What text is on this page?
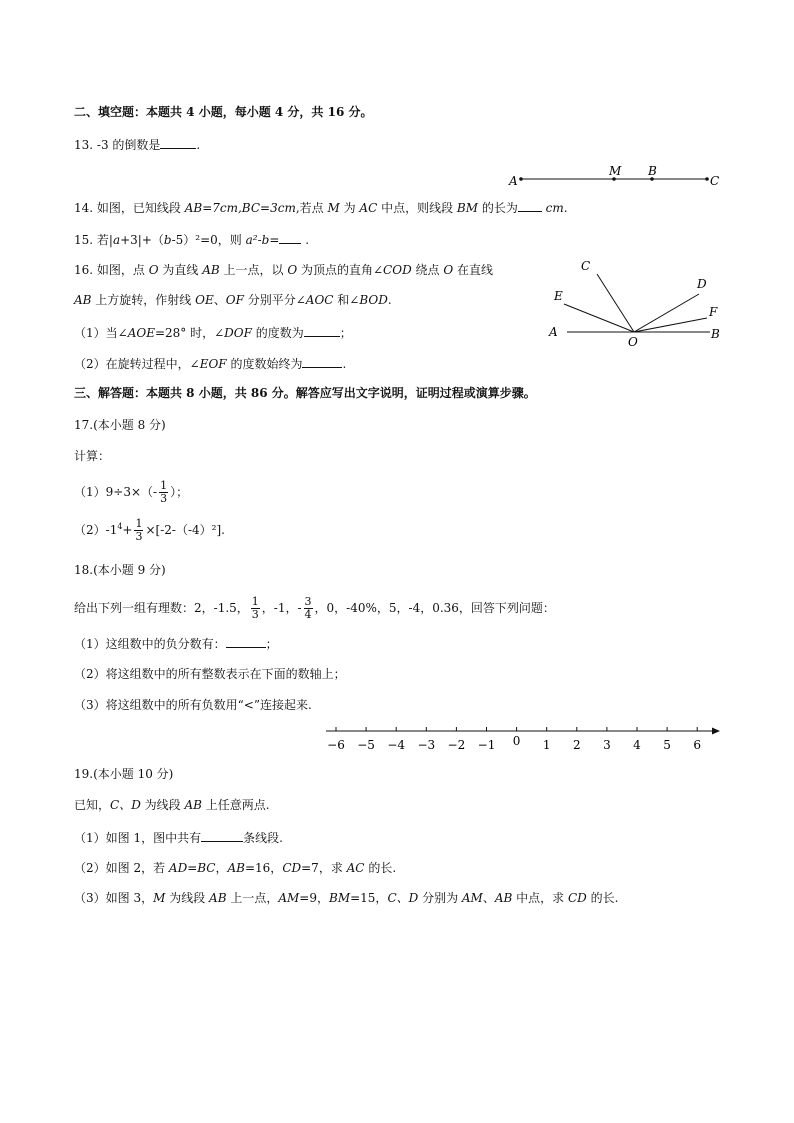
二、填空题：本题共 4 小题，每小题 4 分，共 16 分。
13. -3 的倒数是	.
A
M B
C
14. 如图，已知线段 AB=7cm,BC=3cm,若点 M 为 AC 中点，则线段 BM 的长为 cm.
15. 若|a+3|+（b-5）²=0，则 a²-b= .
16. 如图，点 O 为直线 AB 上一点，以 O 为顶点的直角∠COD 绕点 O 在直线
AB 上方旋转，作射线 OE、OF 分别平分∠AOC 和∠BOD.
（1）当∠AOE=28° 时，∠DOF 的度数为	；
（2）在旋转过程中，∠EOF 的度数始终为	.
C
D
E
F
A
O
B
三、解答题：本题共 8 小题，共 86 分。解答应写出文字说明，证明过程或演算步骤。
17.(本小题 8 分)
计算：
$(1)9\div 3\times(- \frac{1}{3}$ ）；
$(2)-1^4+ \frac{1}{3} \times[-2-(-4)^2]$.
18.(本小题 9 分)
给出下列一组有理数：2，-1.5， $\frac{1}{3}$ ，-1，- $\frac{3}{4}$ ，0，-40%，5，-4，0.36，回答下列问题：
（1）这组数中的负分数有：	；
（2）将这组数中的所有整数表示在下面的数轴上；
（3）将这组数中的所有负数用“<”连接起来.
−6 −5 −4 −3 −2 −1 0 1 2 3 4 5 6
19.(本小题 10 分)
已知，C、D 为线段 AB 上任意两点.
（1）如图 1，图中共有	条线段.
（2）如图 2，若 AD=BC，AB=16，CD=7，求 AC 的长.
（3）如图 3，M 为线段 AB 上一点，AM=9，BM=15，C、D 分别为 AM、AB 中点，求 CD 的长.
